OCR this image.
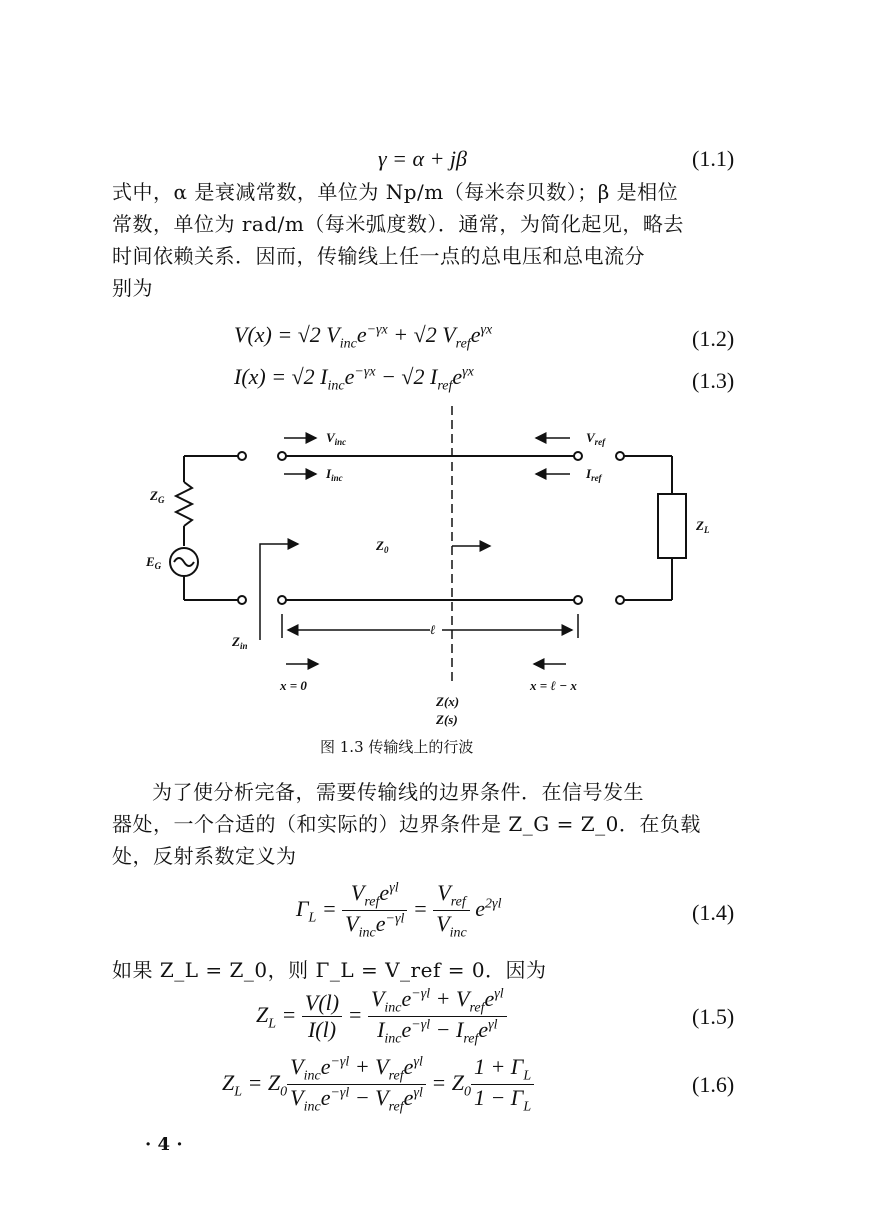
γ = α + jβ	(1.1)

式中，α 是衰减常数，单位为 Np/m（每米奈贝数）；β 是相位

常数，单位为 rad/m（每米弧度数）．通常，为简化起见，略去

时间依赖关系．因而，传输线上任一点的总电压和总电流分

别为

V(x) = √2 $V_{inc}e^{-\gamma x} + √2$ $V_{ref}e^{\gamma x}$	(1.2)
I(x) = √2 $I_{inc}e^{-\gamma x} - √2$ $I_{ref}e^{\gamma x}$	(1.3)
$V_{inc}$
$I_{inc}$
$V_{ref}$
$I_{ref}$
$Z_G$
$E_G$
$Z_0$
$Z_L$
$Z_{in}$
ℓ
x = 0	x = ℓ − x
Z(x)
Z(s)
图 1.3 传输线上的行波

为了使分析完备，需要传输线的边界条件．在信号发生

器处，一个合适的（和实际的）边界条件是 Z_G = Z_0．在负载

处，反射系数定义为

$\Gamma_L = \frac{V_{ref}e^{\gamma l}}{V_{inc}e^{-\gamma l}} = \frac{V_{ref}}{V_{inc}} e^{2\gamma l}$	(1.4)

如果 Z_L = Z_0，则 Γ_L = V_ref = 0．因为

$Z_L = \frac{V(l)}{I(l)} = \frac{V_{inc}e^{-\gamma l} + V_{ref}e^{\gamma l}}{I_{inc}e^{-\gamma l} - I_{ref}e^{\gamma l}}$	(1.5)
$Z_L = Z_0 \frac{V_{inc}e^{-\gamma l} + V_{ref}e^{\gamma l}}{V_{inc}e^{-\gamma l} - V_{ref}e^{\gamma l}} = Z_0 \frac{1 + \Gamma_L}{1 - \Gamma_L}$	(1.6)
· 4 ·
